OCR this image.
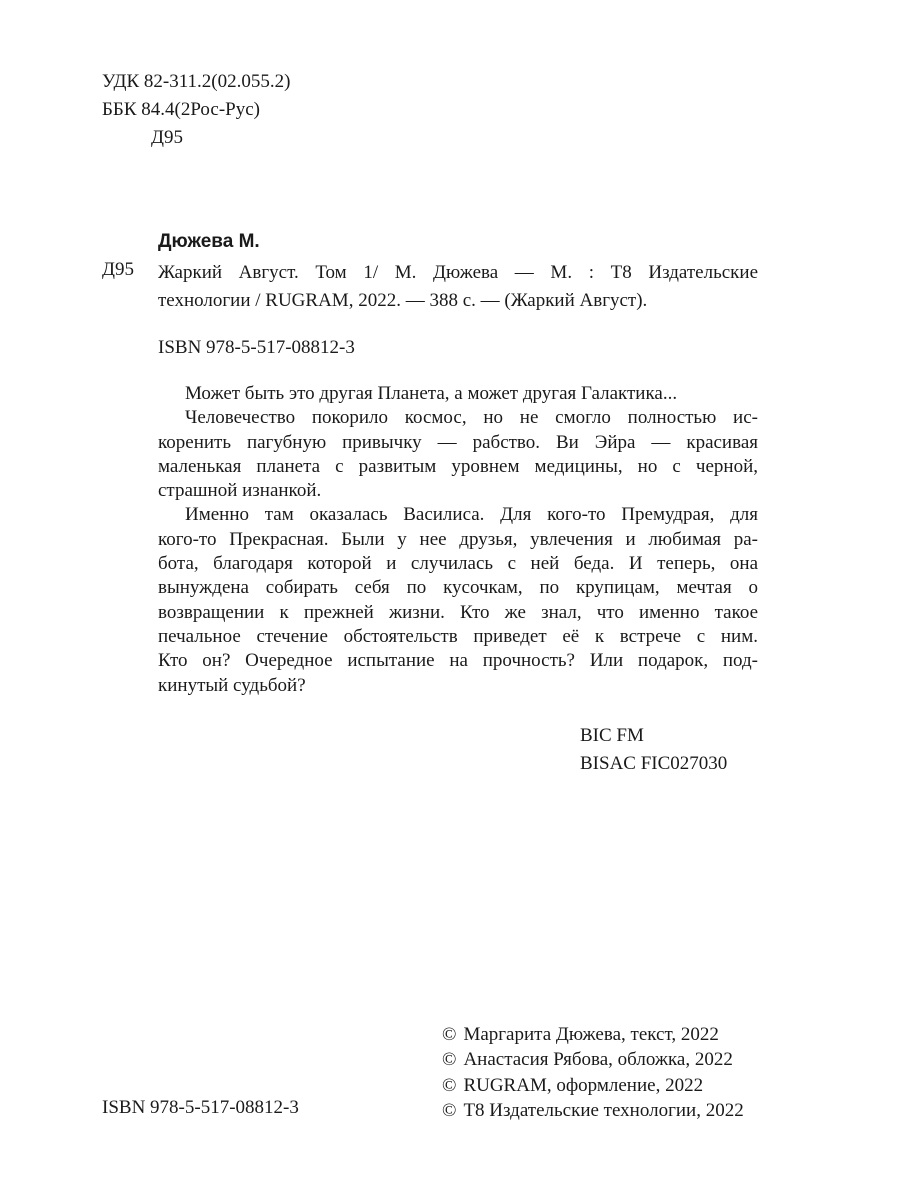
УДК 82-311.2(02.055.2)
ББК 84.4(2Рос-Рус)
Д95
Дюжева М.
Д95 Жаркий Август. Том 1/ М. Дюжева — М. : Т8 Издательские
технологии / RUGRAM, 2022. — 388 с. — (Жаркий Август).
ISBN 978-5-517-08812-3
Может быть это другая Планета, а может другая Галактика...
Человечество покорило космос, но не смогло полностью ис-
коренить пагубную привычку — рабство. Ви Эйра — красивая
маленькая планета с развитым уровнем медицины, но с черной,
страшной изнанкой.
Именно там оказалась Василиса. Для кого-то Премудрая, для
кого-то Прекрасная. Были у нее друзья, увлечения и любимая ра-
бота, благодаря которой и случилась с ней беда. И теперь, она
вынуждена собирать себя по кусочкам, по крупицам, мечтая о
возвращении к прежней жизни. Кто же знал, что именно такое
печальное стечение обстоятельств приведет её к встрече с ним.
Кто он? Очередное испытание на прочность? Или подарок, под-
кинутый судьбой?
BIC FM
BISAC FIC027030
ISBN 978-5-517-08812-3
© Маргарита Дюжева, текст, 2022
© Анастасия Рябова, обложка, 2022
© RUGRAM, оформление, 2022
© Т8 Издательские технологии, 2022
